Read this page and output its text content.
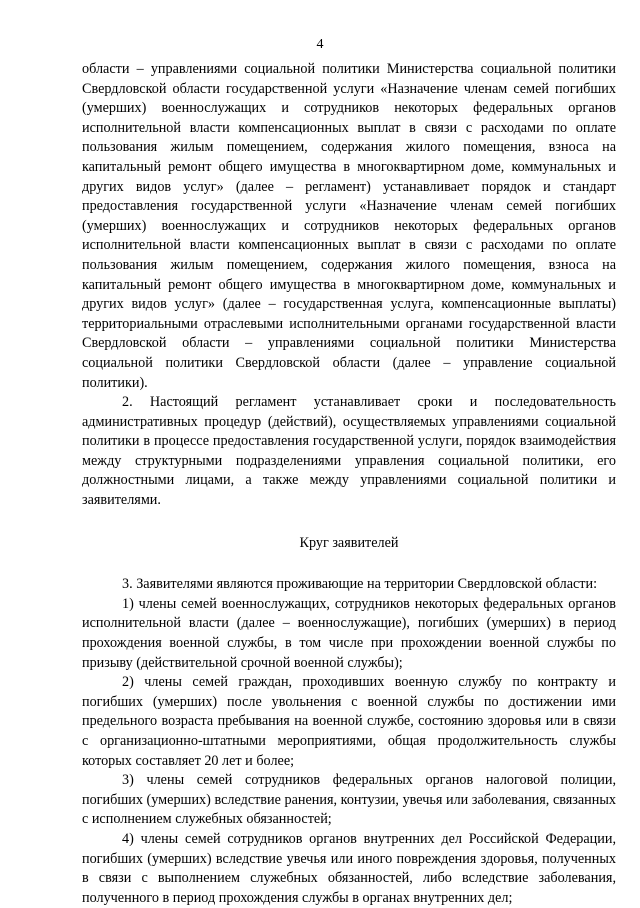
4

области – управлениями социальной политики Министерства социальной политики Свердловской области государственной услуги «Назначение членам семей погибших (умерших) военнослужащих и сотрудников некоторых федеральных органов исполнительной власти компенсационных выплат в связи с расходами по оплате пользования жилым помещением, содержания жилого помещения, взноса на капитальный ремонт общего имущества в многоквартирном доме, коммунальных и других видов услуг» (далее – регламент) устанавливает порядок и стандарт предоставления государственной услуги «Назначение членам семей погибших (умерших) военнослужащих и сотрудников некоторых федеральных органов исполнительной власти компенсационных выплат в связи с расходами по оплате пользования жилым помещением, содержания жилого помещения, взноса на капитальный ремонт общего имущества в многоквартирном доме, коммунальных и других видов услуг» (далее – государственная услуга, компенсационные выплаты) территориальными отраслевыми исполнительными органами государственной власти Свердловской области – управлениями социальной политики Министерства социальной политики Свердловской области (далее – управление социальной политики).

2. Настоящий регламент устанавливает сроки и последовательность административных процедур (действий), осуществляемых управлениями социальной политики в процессе предоставления государственной услуги, порядок взаимодействия между структурными подразделениями управления социальной политики, его должностными лицами, а также между управлениями социальной политики и заявителями.

Круг заявителей

3. Заявителями являются проживающие на территории Свердловской области:

1) члены семей военнослужащих, сотрудников некоторых федеральных органов исполнительной власти (далее – военнослужащие), погибших (умерших) в период прохождения военной службы, в том числе при прохождении военной службы по призыву (действительной срочной военной службы);

2) члены семей граждан, проходивших военную службу по контракту и погибших (умерших) после увольнения с военной службы по достижении ими предельного возраста пребывания на военной службе, состоянию здоровья или в связи с организационно-штатными мероприятиями, общая продолжительность службы которых составляет 20 лет и более;

3) члены семей сотрудников федеральных органов налоговой полиции, погибших (умерших) вследствие ранения, контузии, увечья или заболевания, связанных с исполнением служебных обязанностей;

4) члены семей сотрудников органов внутренних дел Российской Федерации, погибших (умерших) вследствие увечья или иного повреждения здоровья, полученных в связи с выполнением служебных обязанностей, либо вследствие заболевания, полученного в период прохождения службы в органах внутренних дел;
